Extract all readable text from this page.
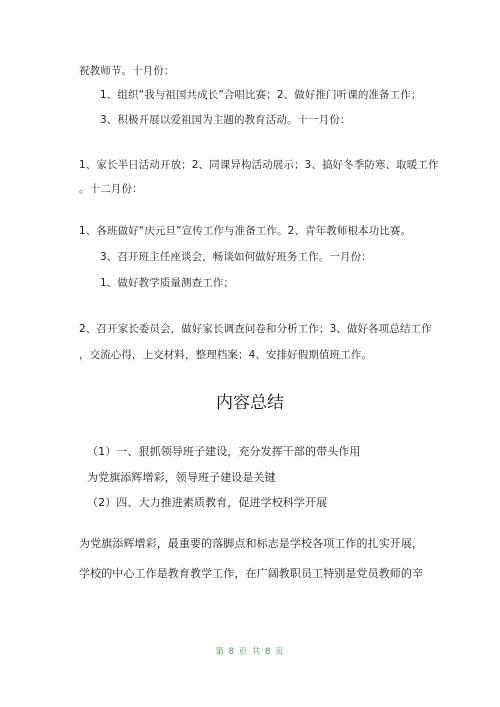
祝教师节。十月份：
1、组织“我与祖国共成长”合唱比赛；2、做好推门听课的准备工作；
3、积极开展以爱祖国为主题的教育活动。十一月份：
1、家长半日活动开放；2、同课异构活动展示；3、搞好冬季防寒、取暖工作
。十二月份：
1、各班做好“庆元旦”宣传工作与准备工作。2、青年教师根本功比赛。
3、召开班主任座谈会，畅谈如何做好班务工作。一月份：
1、做好教学质量测查工作；
2、召开家长委员会，做好家长调查问卷和分析工作；3、做好各项总结工作
，交流心得，上交材料，整理档案；4、安排好假期值班工作。
内容总结
（1）一、狠抓领导班子建设，充分发挥干部的带头作用
为党旗添辉增彩，领导班子建设是关键
（2）四、大力推进素质教育，促进学校科学开展
为党旗添辉增彩，最重要的落脚点和标志是学校各项工作的扎实开展，
学校的中心工作是教育教学工作，在广阔教职员工特别是党员教师的辛
第 8 页 共 8 页
